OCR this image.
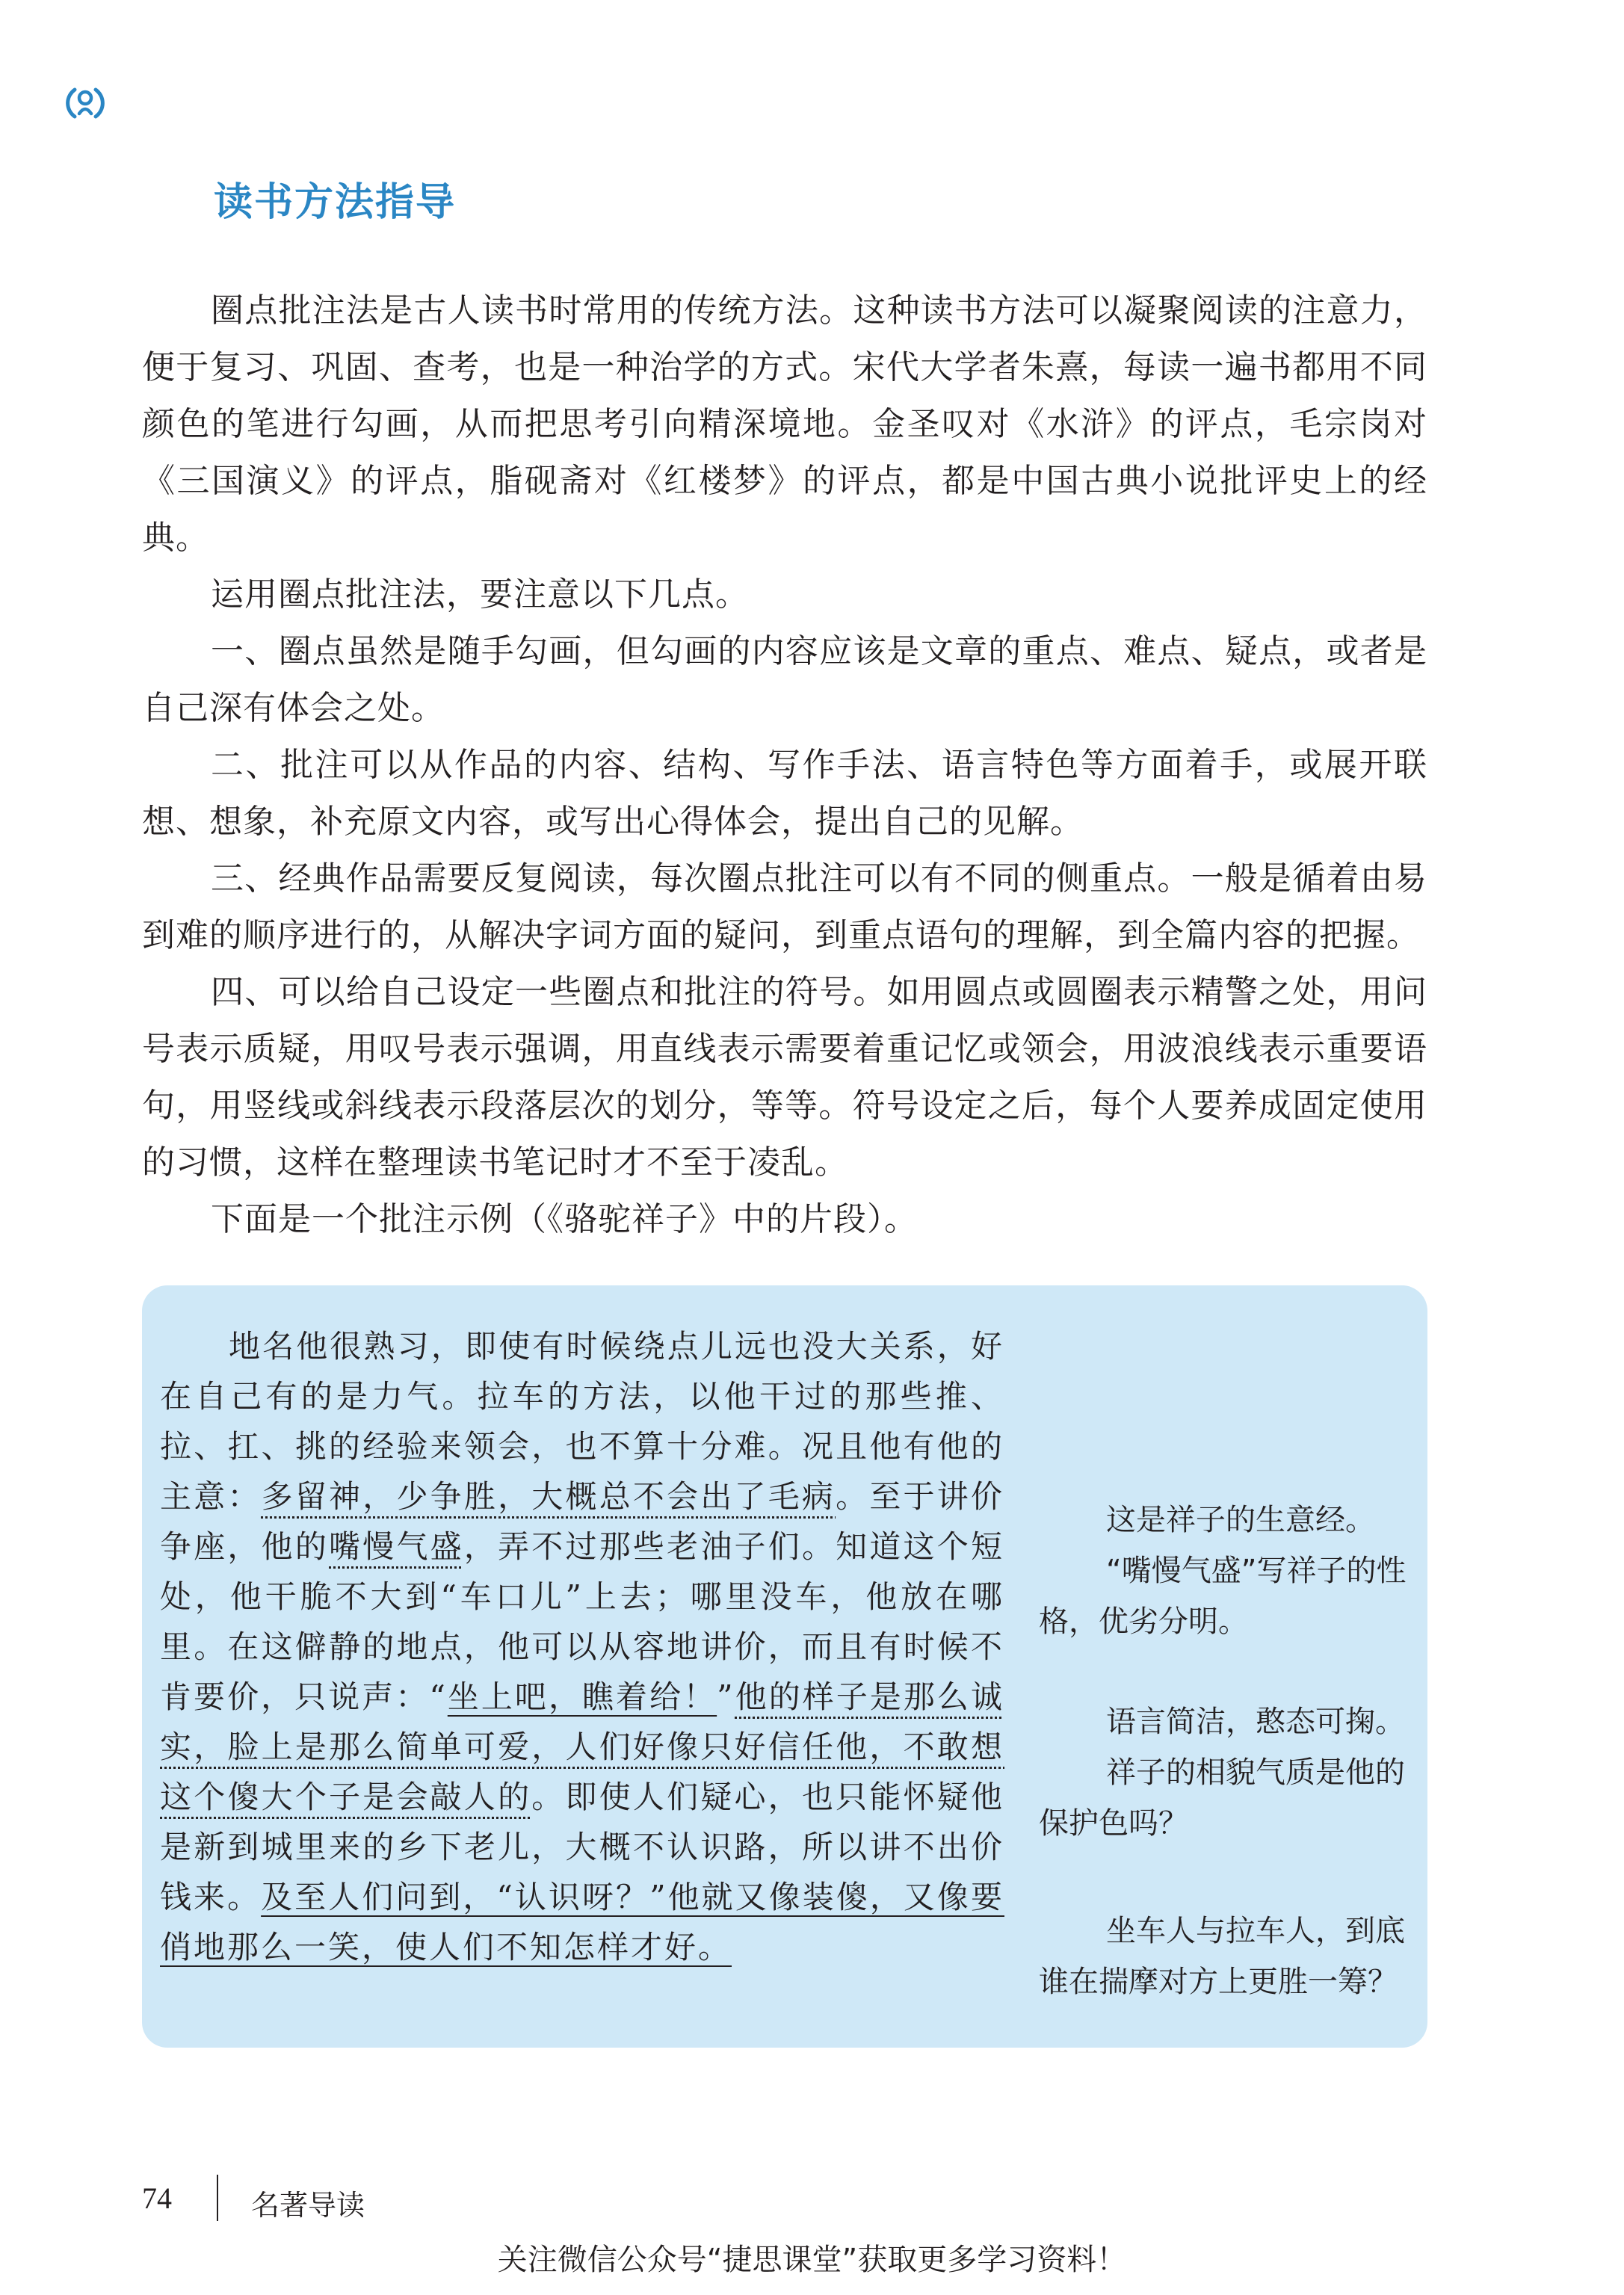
读书方法指导

圈点批注法是古人读书时常用的传统方法。这种读书方法可以凝聚阅读的注意力，便于复习、巩固、查考，也是一种治学的方式。宋代大学者朱熹，每读一遍书都用不同颜色的笔进行勾画，从而把思考引向精深境地。金圣叹对《水浒》的评点，毛宗岗对《三国演义》的评点，脂砚斋对《红楼梦》的评点，都是中国古典小说批评史上的经典。

运用圈点批注法，要注意以下几点。

一、圈点虽然是随手勾画，但勾画的内容应该是文章的重点、难点、疑点，或者是自己深有体会之处。

二、批注可以从作品的内容、结构、写作手法、语言特色等方面着手，或展开联想、想象，补充原文内容，或写出心得体会，提出自己的见解。

三、经典作品需要反复阅读，每次圈点批注可以有不同的侧重点。一般是循着由易到难的顺序进行的，从解决字词方面的疑问，到重点语句的理解，到全篇内容的把握。

四、可以给自己设定一些圈点和批注的符号。如用圆点或圆圈表示精警之处，用问号表示质疑，用叹号表示强调，用直线表示需要着重记忆或领会，用波浪线表示重要语句，用竖线或斜线表示段落层次的划分，等等。符号设定之后，每个人要养成固定使用的习惯，这样在整理读书笔记时才不至于凌乱。

下面是一个批注示例（《骆驼祥子》中的片段）。

地名他很熟习，即使有时候绕点儿远也没大关系，好在自己有的是力气。拉车的方法，以他干过的那些推、拉、扛、挑的经验来领会，也不算十分难。况且他有他的主意：多留神，少争胜，大概总不会出了毛病。至于讲价争座，他的嘴慢气盛，弄不过那些老油子们。知道这个短处，他干脆不大到“车口儿”上去；哪里没车，他放在哪里。在这僻静的地点，他可以从容地讲价，而且有时候不肯要价，只说声：“坐上吧，瞧着给！”他的样子是那么诚实，脸上是那么简单可爱，人们好像只好信任他，不敢想这个傻大个子是会敲人的。即使人们疑心，也只能怀疑他是新到城里来的乡下老儿，大概不认识路，所以讲不出价钱来。及至人们问到，“认识呀？”他就又像装傻，又像要俏地那么一笑，使人们不知怎样才好。

这是祥子的生意经。
“嘴慢气盛”写祥子的性格，优劣分明。
语言简洁，憨态可掬。
祥子的相貌气质是他的保护色吗？
坐车人与拉车人，到底谁在揣摩对方上更胜一筹？
74	名著导读
关注微信公众号“捷思课堂”获取更多学习资料！
